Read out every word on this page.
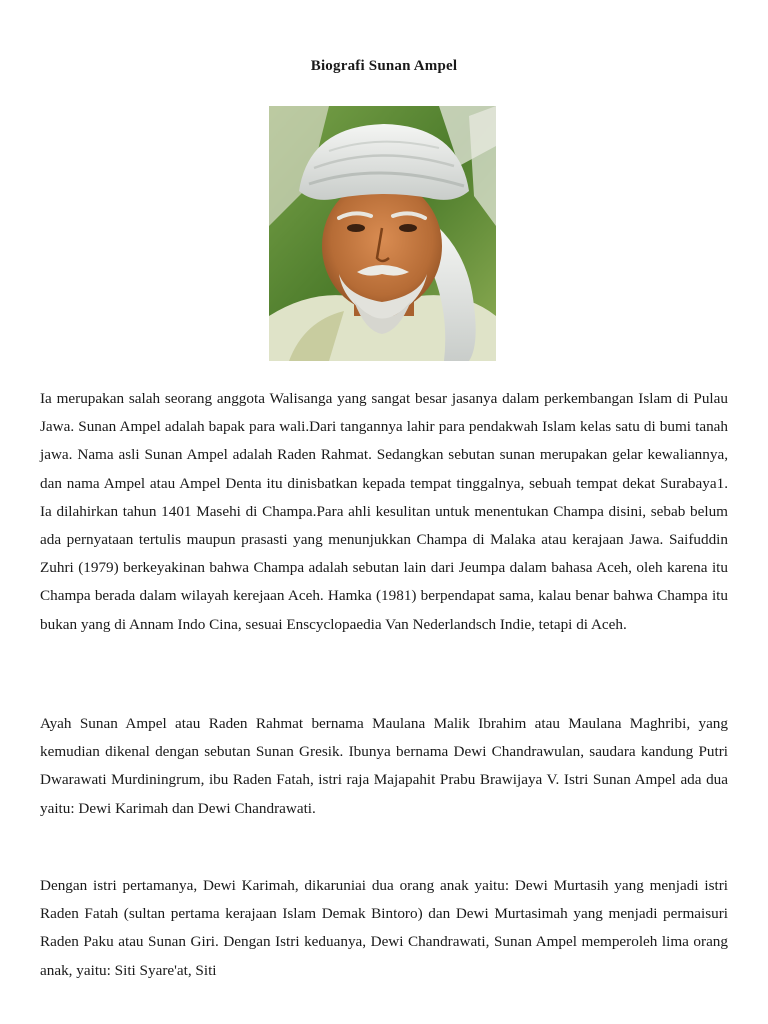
Biografi Sunan Ampel

Ia merupakan salah seorang anggota Walisanga yang sangat besar jasanya dalam perkembangan Islam di Pulau Jawa. Sunan Ampel adalah bapak para wali.Dari tangannya lahir para pendakwah Islam kelas satu di bumi tanah jawa. Nama asli Sunan Ampel adalah Raden Rahmat. Sedangkan sebutan sunan merupakan gelar kewaliannya, dan nama Ampel atau Ampel Denta itu dinisbatkan kepada tempat tinggalnya, sebuah tempat dekat Surabaya1. Ia dilahirkan tahun 1401 Masehi di Champa.Para ahli kesulitan untuk menentukan Champa disini, sebab belum ada pernyataan tertulis maupun prasasti yang menunjukkan Champa di Malaka atau kerajaan Jawa. Saifuddin Zuhri (1979) berkeyakinan bahwa Champa adalah sebutan lain dari Jeumpa dalam bahasa Aceh, oleh karena itu Champa berada dalam wilayah kerejaan Aceh. Hamka (1981) berpendapat sama, kalau benar bahwa Champa itu bukan yang di Annam Indo Cina, sesuai Enscyclopaedia Van Nederlandsch Indie, tetapi di Aceh.

Ayah Sunan Ampel atau Raden Rahmat bernama Maulana Malik Ibrahim atau Maulana Maghribi, yang kemudian dikenal dengan sebutan Sunan Gresik. Ibunya bernama Dewi Chandrawulan, saudara kandung Putri Dwarawati Murdiningrum, ibu Raden Fatah, istri raja Majapahit Prabu Brawijaya V. Istri Sunan Ampel ada dua yaitu: Dewi Karimah dan Dewi Chandrawati.

Dengan istri pertamanya, Dewi Karimah, dikaruniai dua orang anak yaitu: Dewi Murtasih yang menjadi istri Raden Fatah (sultan pertama kerajaan Islam Demak Bintoro) dan Dewi Murtasimah yang menjadi permaisuri Raden Paku atau Sunan Giri. Dengan Istri keduanya, Dewi Chandrawati, Sunan Ampel memperoleh lima orang anak, yaitu: Siti Syare'at, Siti
